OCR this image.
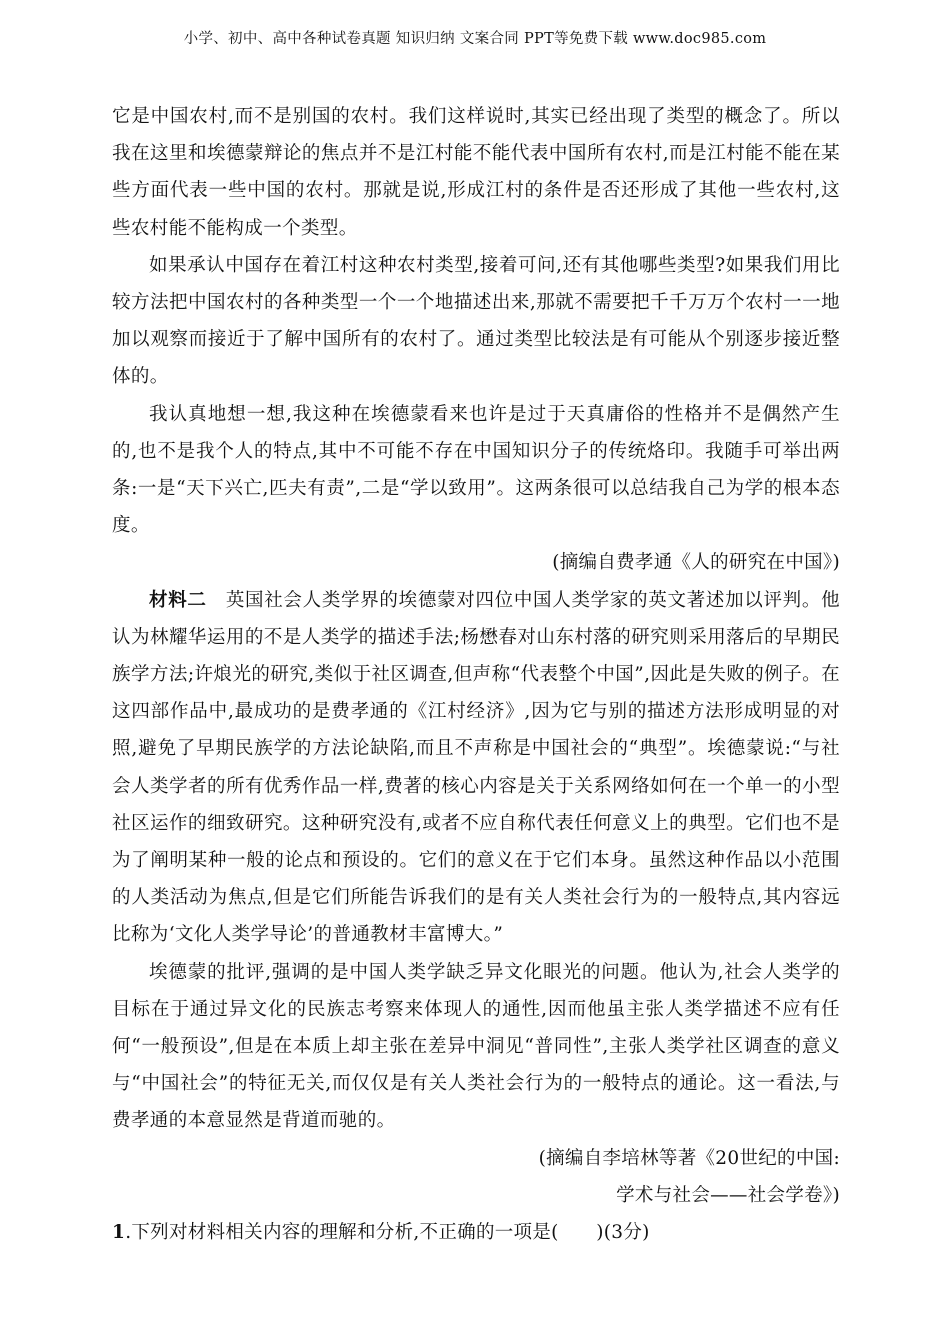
小学、初中、高中各种试卷真题 知识归纳 文案合同 PPT等免费下载 www.doc985.com

它是中国农村,而不是别国的农村。我们这样说时,其实已经出现了类型的概念了。所以我在这里和埃德蒙辩论的焦点并不是江村能不能代表中国所有农村,而是江村能不能在某些方面代表一些中国的农村。那就是说,形成江村的条件是否还形成了其他一些农村,这些农村能不能构成一个类型。

如果承认中国存在着江村这种农村类型,接着可问,还有其他哪些类型?如果我们用比较方法把中国农村的各种类型一个一个地描述出来,那就不需要把千千万万个农村一一地加以观察而接近于了解中国所有的农村了。通过类型比较法是有可能从个别逐步接近整体的。

我认真地想一想,我这种在埃德蒙看来也许是过于天真庸俗的性格并不是偶然产生的,也不是我个人的特点,其中不可能不存在中国知识分子的传统烙印。我随手可举出两条:一是“天下兴亡,匹夫有责”,二是“学以致用”。这两条很可以总结我自己为学的根本态度。

(摘编自费孝通《人的研究在中国》)

材料二　 英国社会人类学界的埃德蒙对四位中国人类学家的英文著述加以评判。他认为林耀华运用的不是人类学的描述手法;杨懋春对山东村落的研究则采用落后的早期民族学方法;许烺光的研究,类似于社区调查,但声称“代表整个中国”,因此是失败的例子。在这四部作品中,最成功的是费孝通的《江村经济》,因为它与别的描述方法形成明显的对照,避免了早期民族学的方法论缺陷,而且不声称是中国社会的“典型”。埃德蒙说:“与社会人类学者的所有优秀作品一样,费著的核心内容是关于关系网络如何在一个单一的小型社区运作的细致研究。这种研究没有,或者不应自称代表任何意义上的典型。它们也不是为了阐明某种一般的论点和预设的。它们的意义在于它们本身。虽然这种作品以小范围的人类活动为焦点,但是它们所能告诉我们的是有关人类社会行为的一般特点,其内容远比称为‘文化人类学导论’的普通教材丰富博大。”

埃德蒙的批评,强调的是中国人类学缺乏异文化眼光的问题。他认为,社会人类学的目标在于通过异文化的民族志考察来体现人的通性,因而他虽主张人类学描述不应有任何“一般预设”,但是在本质上却主张在差异中洞见“普同性”,主张人类学社区调查的意义与“中国社会”的特征无关,而仅仅是有关人类社会行为的一般特点的通论。这一看法,与费孝通的本意显然是背道而驰的。

(摘编自李培林等著《20世纪的中国:

学术与社会——社会学卷》)

1.下列对材料相关内容的理解和分析,不正确的一项是(　　)(3分)
